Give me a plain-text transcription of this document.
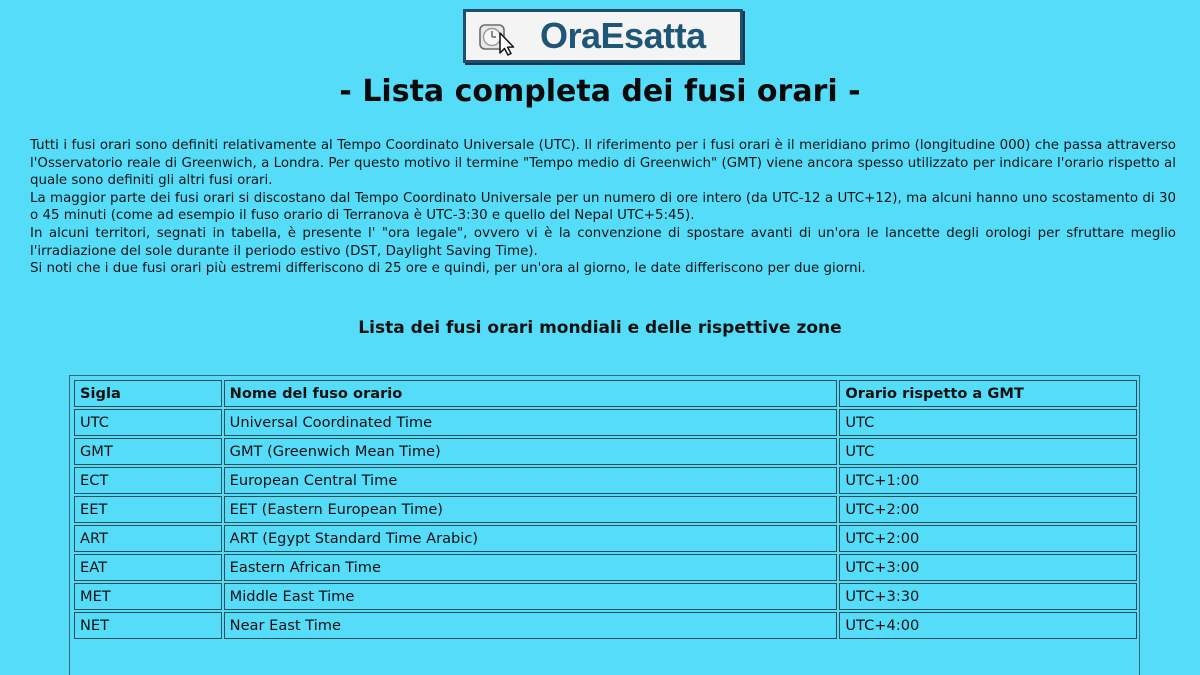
OraEsatta
- Lista completa dei fusi orari -

Tutti i fusi orari sono definiti relativamente al Tempo Coordinato Universale (UTC). Il riferimento per i fusi orari è il meridiano primo (longitudine 000) che passa attraverso l'Osservatorio reale di Greenwich, a Londra. Per questo motivo il termine "Tempo medio di Greenwich" (GMT) viene ancora spesso utilizzato per indicare l'orario rispetto al quale sono definiti gli altri fusi orari.

La maggior parte dei fusi orari si discostano dal Tempo Coordinato Universale per un numero di ore intero (da UTC-12 a UTC+12), ma alcuni hanno uno scostamento di 30 o 45 minuti (come ad esempio il fuso orario di Terranova è UTC-3:30 e quello del Nepal UTC+5:45).

In alcuni territori, segnati in tabella, è presente l' "ora legale", ovvero vi è la convenzione di spostare avanti di un'ora le lancette degli orologi per sfruttare meglio l'irradiazione del sole durante il periodo estivo (DST, Daylight Saving Time).

Si noti che i due fusi orari più estremi differiscono di 25 ore e quindi, per un'ora al giorno, le date differiscono per due giorni.

Lista dei fusi orari mondiali e delle rispettive zone
Sigla	Nome del fuso orario	Orario rispetto a GMT
UTC	Universal Coordinated Time	UTC
GMT	GMT (Greenwich Mean Time)	UTC
ECT	European Central Time	UTC+1:00
EET	EET (Eastern European Time)	UTC+2:00
ART	ART (Egypt Standard Time Arabic)	UTC+2:00
EAT	Eastern African Time	UTC+3:00
MET	Middle East Time	UTC+3:30
NET	Near East Time	UTC+4:00
